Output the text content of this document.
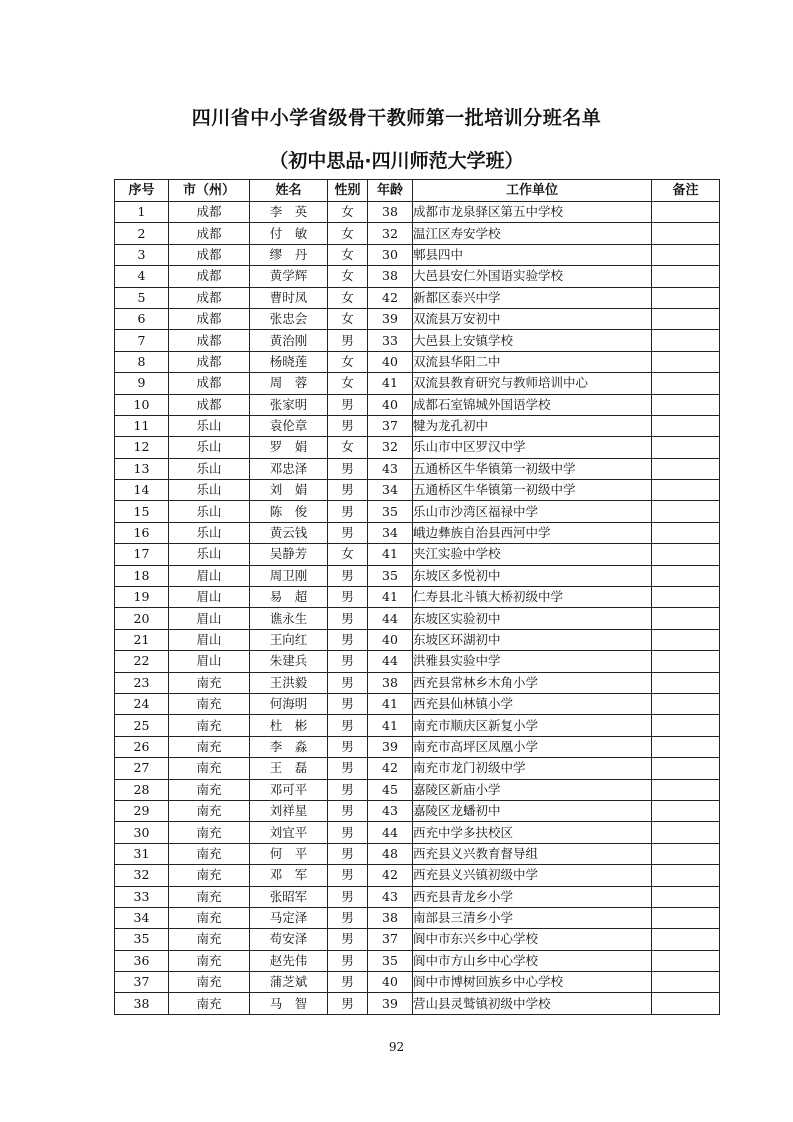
四川省中小学省级骨干教师第一批培训分班名单
（初中思品·四川师范大学班）
序号	市（州）	姓名	性别	年龄	工作单位	备注
1	成都	李　英	女	38	成都市龙泉驿区第五中学校	
2	成都	付　敏	女	32	温江区寿安学校	
3	成都	缪　丹	女	30	郫县四中	
4	成都	黄学辉	女	38	大邑县安仁外国语实验学校	
5	成都	曹时凤	女	42	新都区泰兴中学	
6	成都	张忠会	女	39	双流县万安初中	
7	成都	黄治刚	男	33	大邑县上安镇学校	
8	成都	杨晓莲	女	40	双流县华阳二中	
9	成都	周　蓉	女	41	双流县教育研究与教师培训中心	
10	成都	张家明	男	40	成都石室锦城外国语学校	
11	乐山	袁伦章	男	37	犍为龙孔初中	
12	乐山	罗　娟	女	32	乐山市中区罗汉中学	
13	乐山	邓忠泽	男	43	五通桥区牛华镇第一初级中学	
14	乐山	刘　娟	男	34	五通桥区牛华镇第一初级中学	
15	乐山	陈　俊	男	35	乐山市沙湾区福禄中学	
16	乐山	黄云钱	男	34	峨边彝族自治县西河中学	
17	乐山	吴静芳	女	41	夹江实验中学校	
18	眉山	周卫刚	男	35	东坡区多悦初中	
19	眉山	易　超	男	41	仁寿县北斗镇大桥初级中学	
20	眉山	谯永生	男	44	东坡区实验初中	
21	眉山	王向红	男	40	东坡区环湖初中	
22	眉山	朱建兵	男	44	洪雅县实验中学	
23	南充	王洪毅	男	38	西充县常林乡木角小学	
24	南充	何海明	男	41	西充县仙林镇小学	
25	南充	杜　彬	男	41	南充市顺庆区新复小学	
26	南充	李　淼	男	39	南充市高坪区凤凰小学	
27	南充	王　磊	男	42	南充市龙门初级中学	
28	南充	邓可平	男	45	嘉陵区新庙小学	
29	南充	刘祥星	男	43	嘉陵区龙蟠初中	
30	南充	刘宜平	男	44	西充中学多扶校区	
31	南充	何　平	男	48	西充县义兴教育督导组	
32	南充	邓　军	男	42	西充县义兴镇初级中学	
33	南充	张昭军	男	43	西充县青龙乡小学	
34	南充	马定泽	男	38	南部县三清乡小学	
35	南充	苟安泽	男	37	阆中市东兴乡中心学校	
36	南充	赵先伟	男	35	阆中市方山乡中心学校	
37	南充	蒲芝斌	男	40	阆中市博树回族乡中心学校	
38	南充	马　智	男	39	营山县灵鹫镇初级中学校	
92
